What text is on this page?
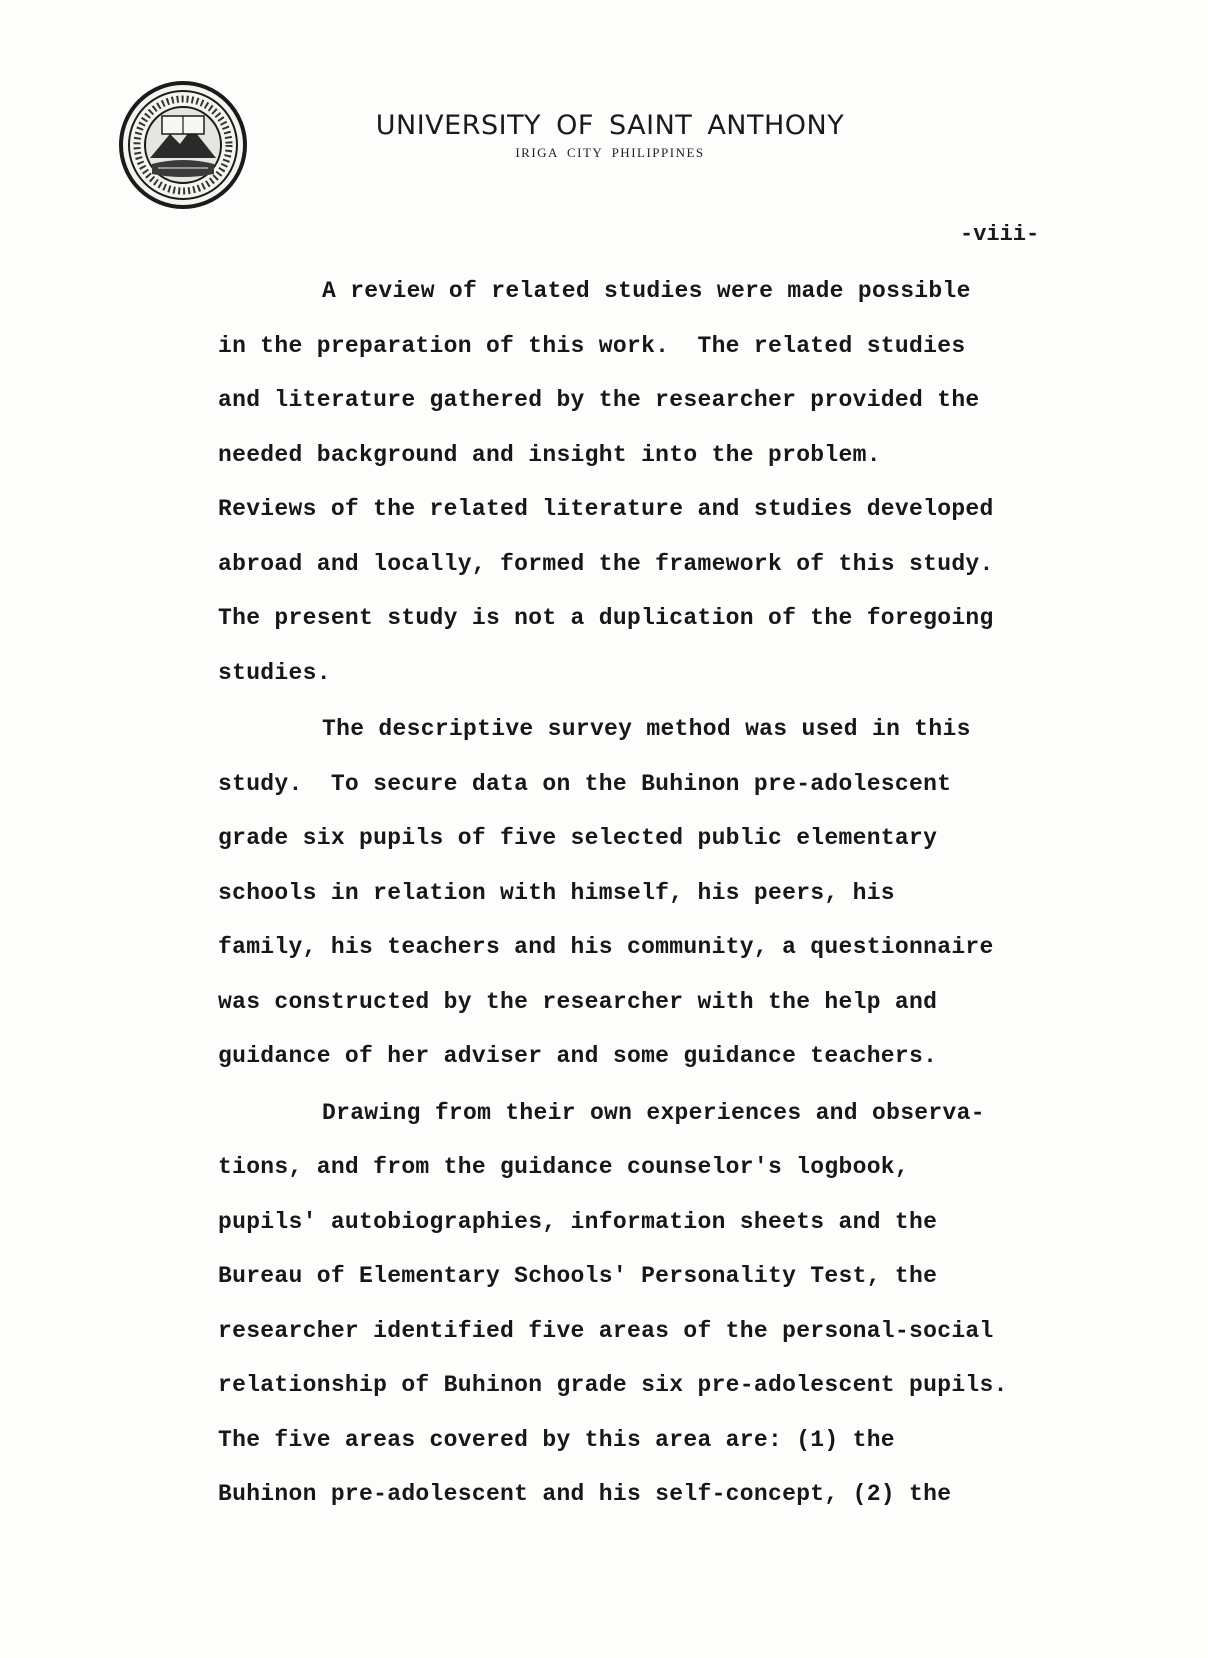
UNIVERSITY OF SAINT ANTHONY
IRIGA CITY PHILIPPINES
-viii-
A review of related studies were made possible
in the preparation of this work.  The related studies
and literature gathered by the researcher provided the
needed background and insight into the problem.
Reviews of the related literature and studies developed
abroad and locally, formed the framework of this study.
The present study is not a duplication of the foregoing
studies.
The descriptive survey method was used in this
study.  To secure data on the Buhinon pre-adolescent
grade six pupils of five selected public elementary
schools in relation with himself, his peers, his
family, his teachers and his community, a questionnaire
was constructed by the researcher with the help and
guidance of her adviser and some guidance teachers.
Drawing from their own experiences and observa-
tions, and from the guidance counselor's logbook,
pupils' autobiographies, information sheets and the
Bureau of Elementary Schools' Personality Test, the
researcher identified five areas of the personal-social
relationship of Buhinon grade six pre-adolescent pupils.
The five areas covered by this area are: (1) the
Buhinon pre-adolescent and his self-concept, (2) the
